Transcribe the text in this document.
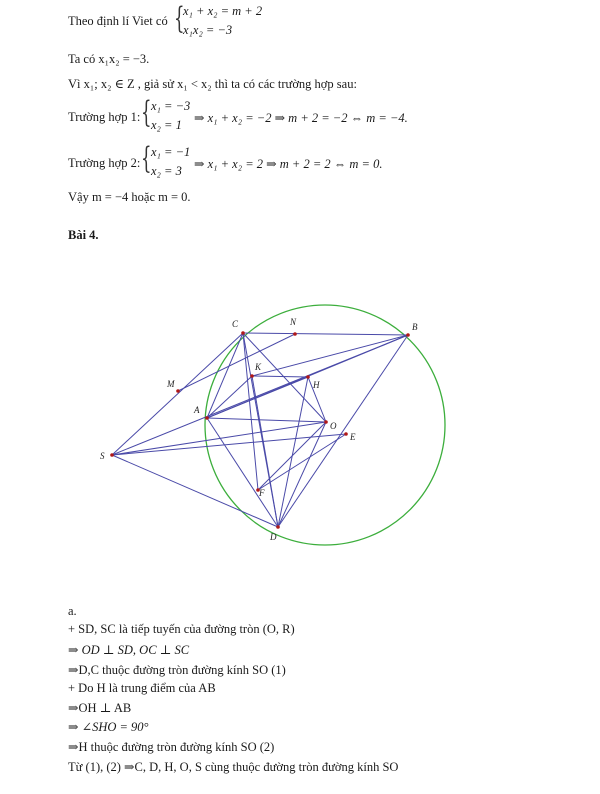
Theo định lí Viet có {
x₁ + x₂ = m + 2
x₁x₂ = −3
Ta có x₁x₂ = −3.
Vì x₁; x₂ ∈ Z , giả sử x₁ < x₂ thì ta có các trường hợp sau:
Trường hợp 1: { x₁ = −3
x₂ = 1 ⇒ x₁ + x₂ = −2 ⇒ m + 2 = −2 ⇔ m = −4.
Trường hợp 2: { x₁ = −1
x₂ = 3 ⇒ x₁ + x₂ = 2 ⇒ m + 2 = 2 ⇔ m = 0.
Vậy m = −4 hoặc m = 0.
Bài 4.
C	N	B
K
H
M
A
O
E
S
F
D
a.
+ SD, SC là tiếp tuyến của đường tròn (O, R)
⇒ OD ⊥ SD, OC ⊥ SC
⇒D,C thuộc đường tròn đường kính SO (1)
+ Do H là trung điểm của AB
⇒OH ⊥ AB
⇒ ∠SHO = 90°
⇒H thuộc đường tròn đường kính SO (2)
Từ (1), (2) ⇒C, D, H, O, S cùng thuộc đường tròn đường kính SO
